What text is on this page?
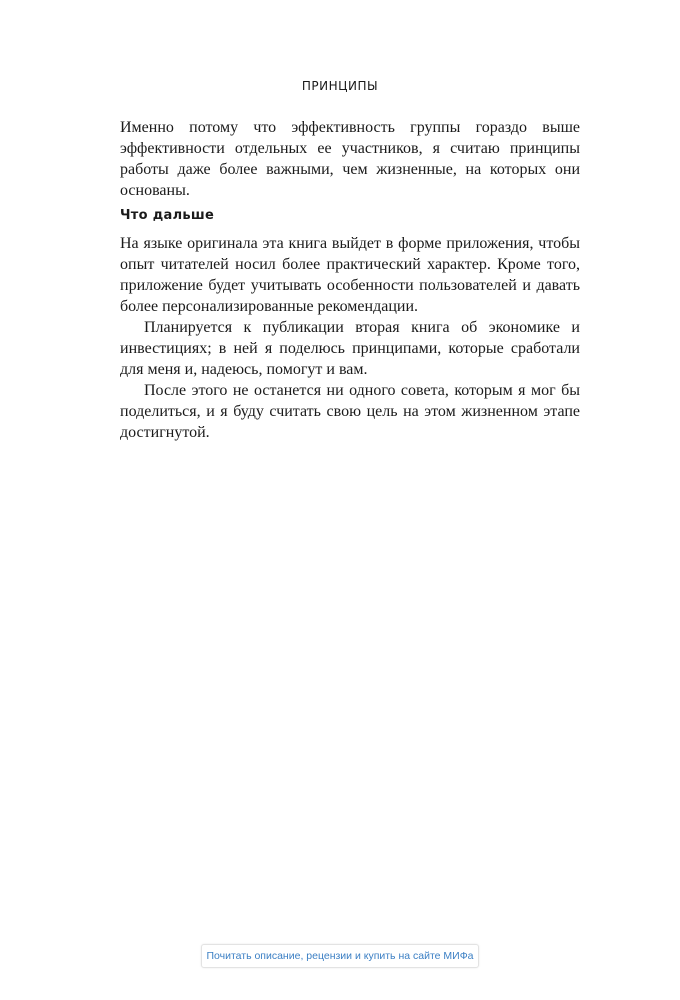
ПРИНЦИПЫ

Именно потому что эффективность группы гораздо выше эффективности отдельных ее участников, я считаю принципы работы даже более важными, чем жизненные, на которых они основаны.

Что дальше

На языке оригинала эта книга выйдет в форме приложения, чтобы опыт читателей носил более практический характер. Кроме того, приложение будет учитывать особенности пользователей и давать более персонализированные рекомендации.

Планируется к публикации вторая книга об экономике и инвестициях; в ней я поделюсь принципами, которые сработали для меня и, надеюсь, помогут и вам.

После этого не останется ни одного совета, которым я мог бы поделиться, и я буду считать свою цель на этом жизненном этапе достигнутой.

Почитать описание, рецензии и купить на сайте МИФа
